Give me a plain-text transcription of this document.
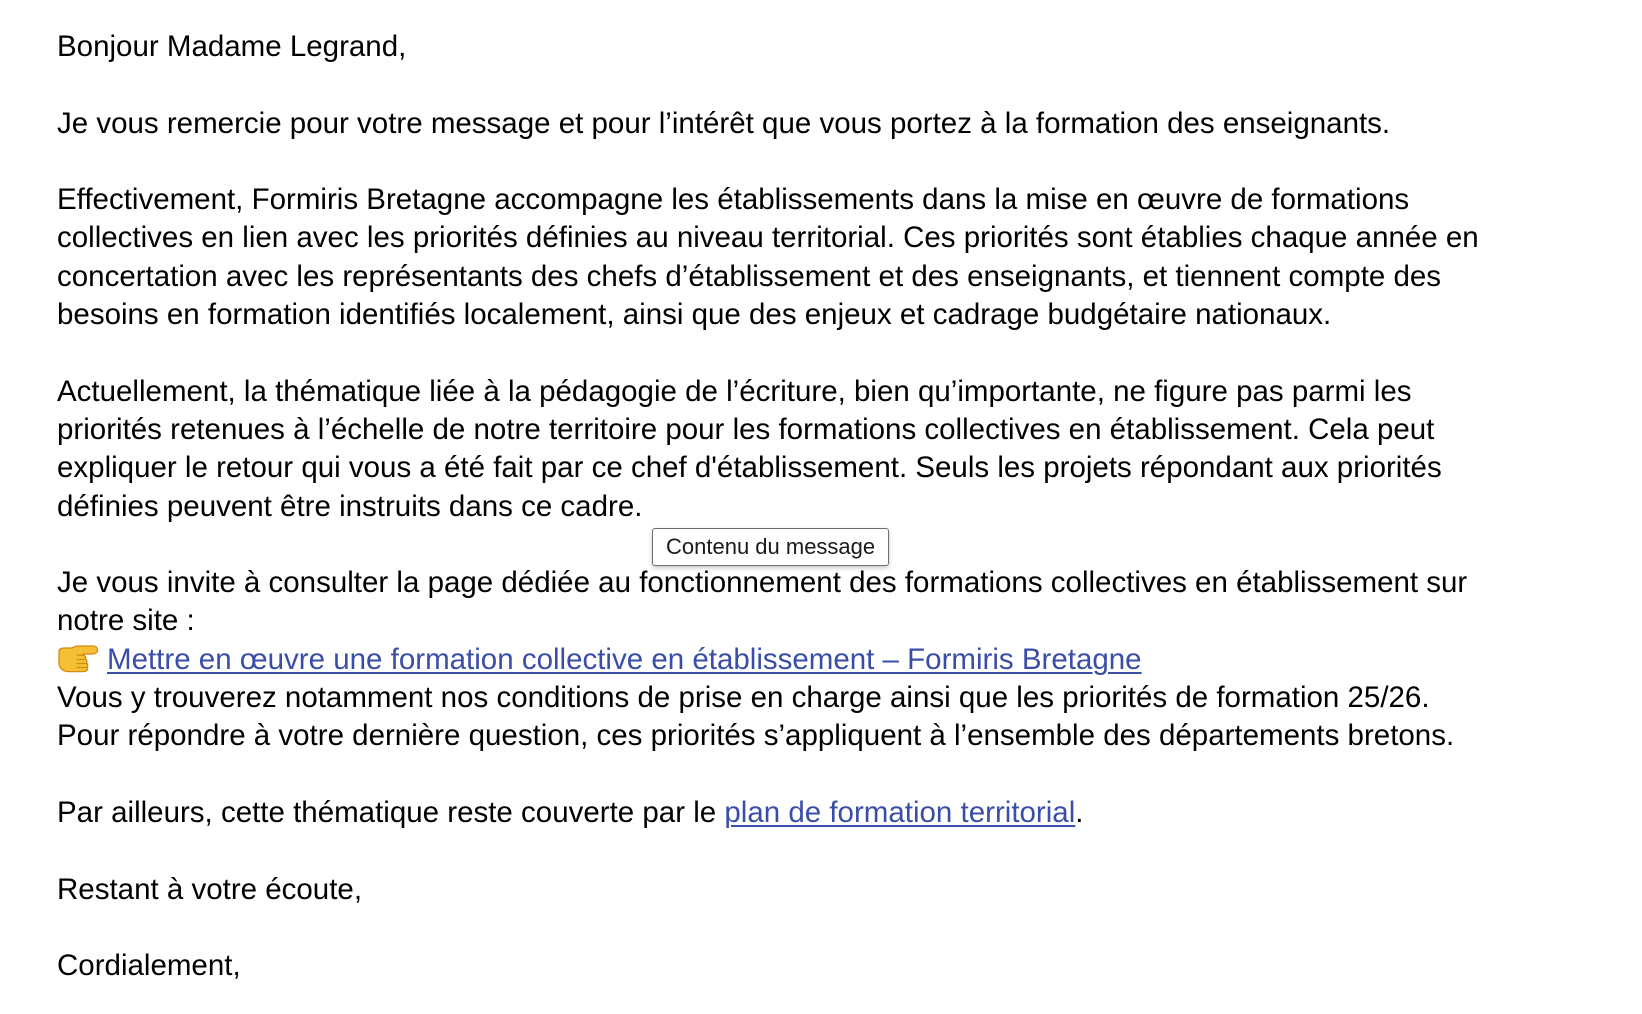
Bonjour Madame Legrand,

Je vous remercie pour votre message et pour l’intérêt que vous portez à la formation des enseignants.

Effectivement, Formiris Bretagne accompagne les établissements dans la mise en œuvre de formations
collectives en lien avec les priorités définies au niveau territorial. Ces priorités sont établies chaque année en
concertation avec les représentants des chefs d’établissement et des enseignants, et tiennent compte des
besoins en formation identifiés localement, ainsi que des enjeux et cadrage budgétaire nationaux.

Actuellement, la thématique liée à la pédagogie de l’écriture, bien qu’importante, ne figure pas parmi les
priorités retenues à l’échelle de notre territoire pour les formations collectives en établissement. Cela peut
expliquer le retour qui vous a été fait par ce chef d'établissement. Seuls les projets répondant aux priorités
définies peuvent être instruits dans ce cadre.

Je vous invite à consulter la page dédiée au fonctionnement des formations collectives en établissement sur
notre site :
Mettre en œuvre une formation collective en établissement – Formiris Bretagne
Vous y trouverez notamment nos conditions de prise en charge ainsi que les priorités de formation 25/26.
Pour répondre à votre dernière question, ces priorités s’appliquent à l’ensemble des départements bretons.

Par ailleurs, cette thématique reste couverte par le plan de formation territorial.

Restant à votre écoute,

Cordialement,

Contenu du message
